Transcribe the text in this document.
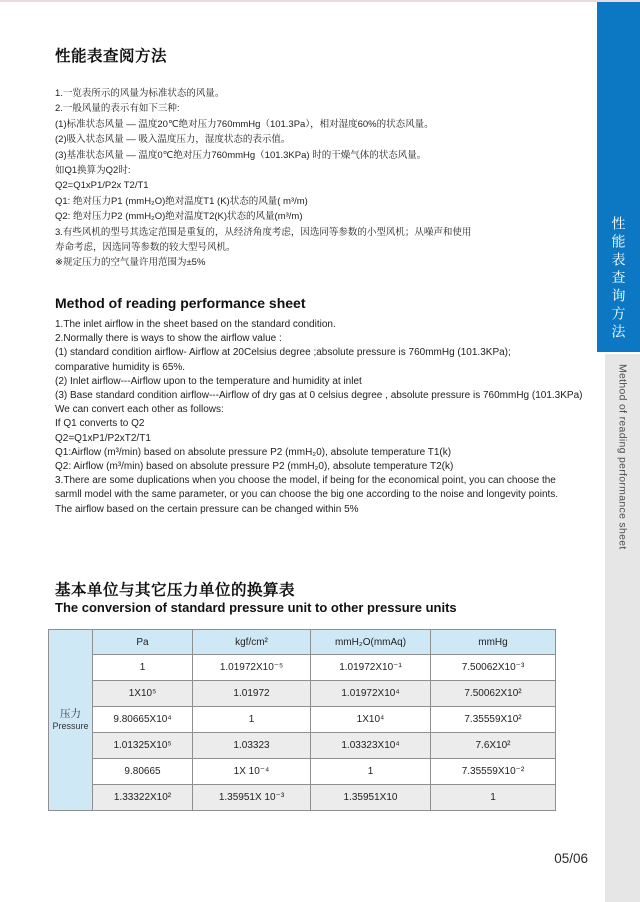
性能表查阅方法
1.一览表所示的风量为标准状态的风量。
2.一般风量的表示有如下三种:
(1)标准状态风量 — 温度20℃绝对压力760mmHg（101.3Pa），相对湿度60%的状态风量。
(2)吸入状态风量 — 吸入温度压力，湿度状态的表示值。
(3)基准状态风量 — 温度0℃绝对压力760mmHg（101.3KPa) 时的干燥气体的状态风量。
如Q1换算为Q2时:
Q2=Q1xP1/P2x T2/T1
Q1: 绝对压力P1 (mmH₂O)绝对温度T1 (K)状态的风量( m³/m)
Q2: 绝对压力P2 (mmH₂O)绝对温度T2(K)状态的风量(m³/m)
3.有些风机的型号其选定范围是重复的，从经济角度考虑，因选同等参数的小型风机；从噪声和使用
寿命考虑，因选同等参数的较大型号风机。
※规定压力的空气量许用范围为±5%
Method of reading performance sheet
1.The inlet airflow in the sheet based on the standard condition.
2.Normally there is ways to show the airflow value :
(1) standard condition airflow- Airflow at 20Celsius degree ;absolute pressure is 760mmHg (101.3KPa);
comparative humidity is 65%.
(2) Inlet airflow---Airflow upon to the temperature and humidity at inlet
(3) Base standard condition airflow---Airflow of dry gas at 0 celsius degree , absolute pressure is 760mmHg (101.3KPa)
We can convert each other as follows:
If Q1 converts to Q2
Q2=Q1xP1/P2xT2/T1
Q1:Airflow (m³/min) based on absolute pressure P2 (mmH₂0), absolute temperature T1(k)
Q2: Airflow (m³/min) based on absolute pressure P2 (mmH₂0), absolute temperature T2(k)
3.There are some duplications when you choose the model, if being for the economical point, you can choose the
sarmll model with the same parameter, or you can choose the big one according to the noise and longevity points.
The airflow based on the certain pressure can be changed within 5%
基本单位与其它压力单位的换算表
The conversion of standard pressure unit to other pressure units
压力
Pressure	Pa	kgf/cm²	mmH₂O(mmAq)	mmHg
	1	1.01972X10⁻⁵	1.01972X10⁻¹	7.50062X10⁻³
	1X10⁵	1.01972	1.01972X10⁴	7.50062X10²
	9.80665X10⁴	1	1X10⁴	7.35559X10²
	1.01325X10⁵	1.03323	1.03323X10⁴	7.6X10²
	9.80665	1X 10⁻⁴	1	7.35559X10⁻²
	1.33322X10²	1.35951X 10⁻³	1.35951X10	1
性能表查询方法
Method of reading performance sheet
05/06
